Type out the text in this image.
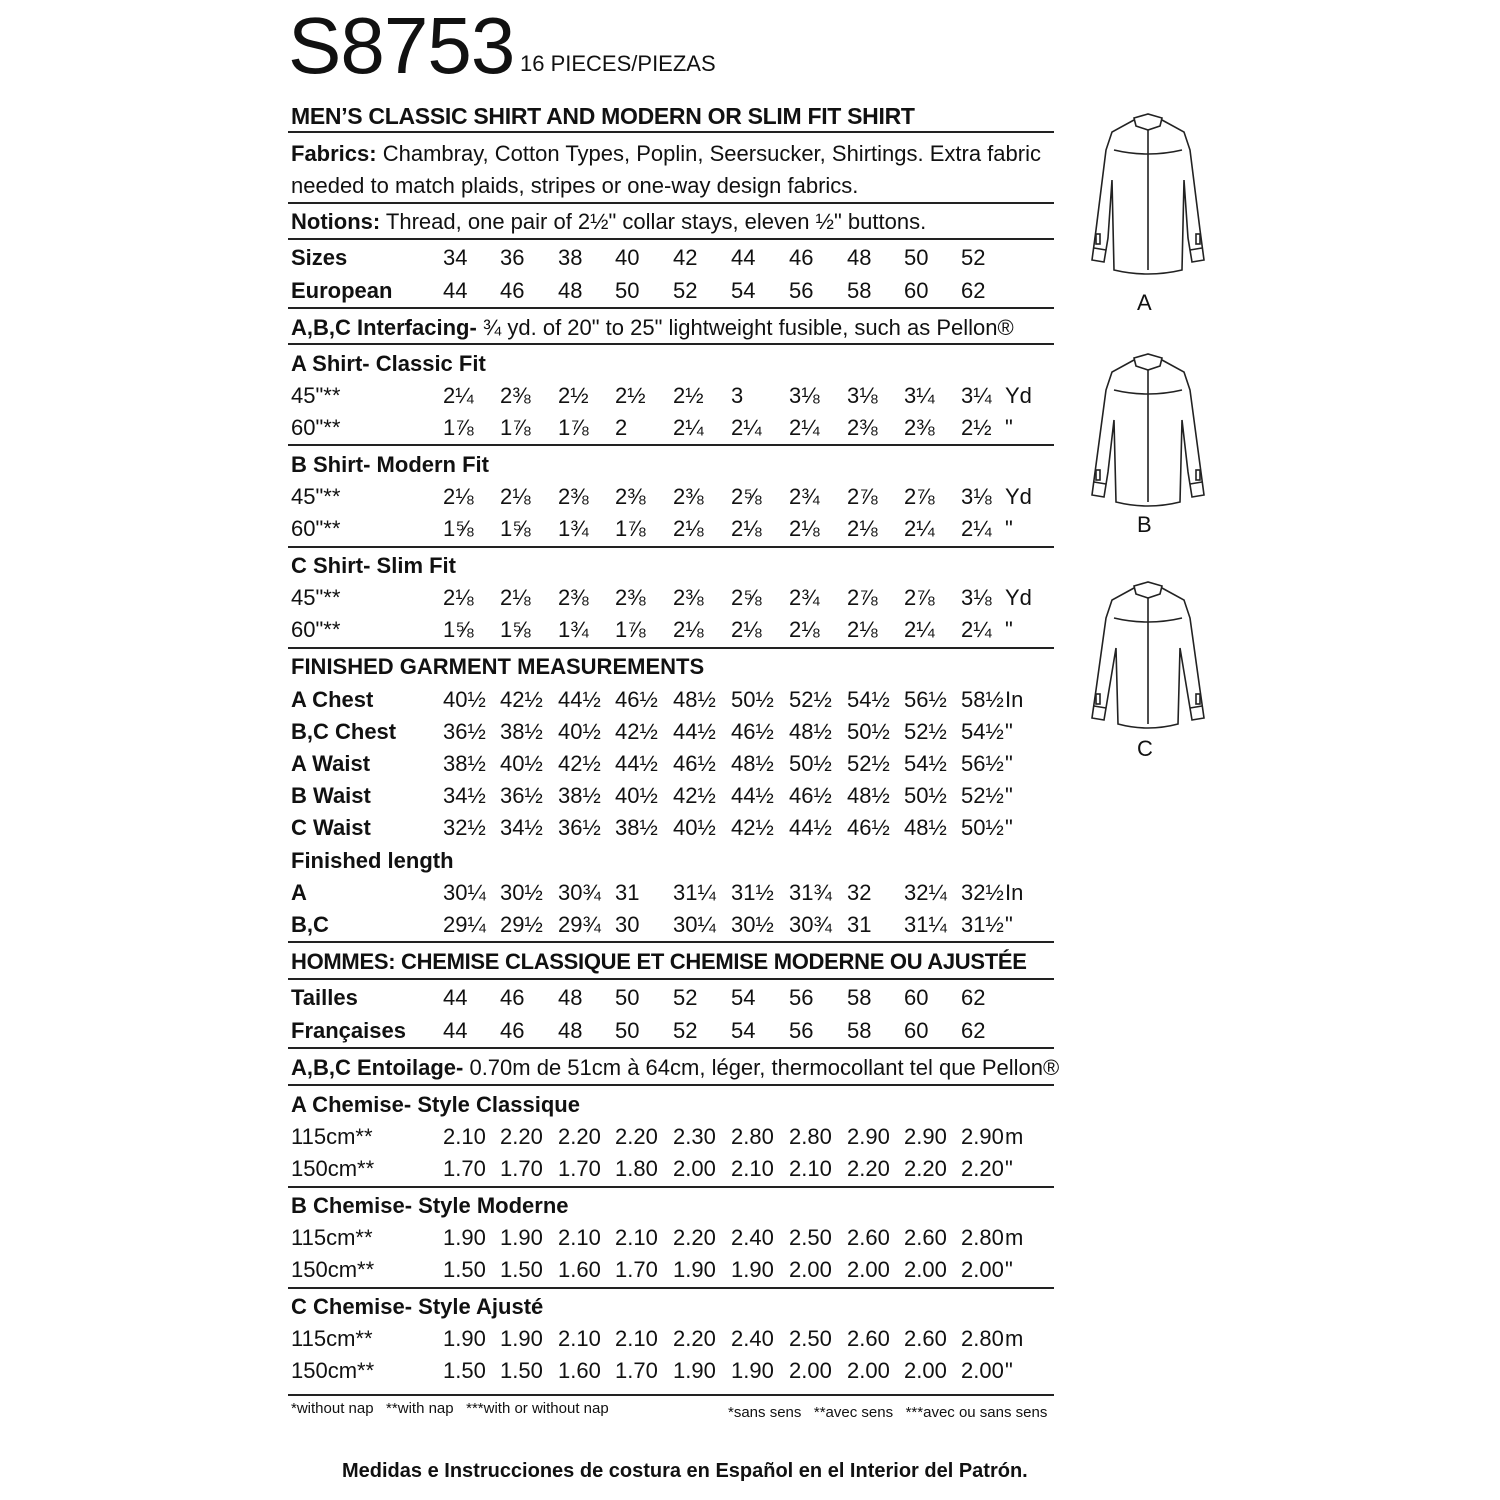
S8753 16 PIECES/PIEZAS
MEN’S CLASSIC SHIRT AND MODERN OR SLIM FIT SHIRT
Fabrics: Chambray, Cotton Types, Poplin, Seersucker, Shirtings. Extra fabric
needed to match plaids, stripes or one-way design fabrics.
Notions: Thread, one pair of 2½" collar stays, eleven ½" buttons.
Sizes	34 36 38 40 42 44 46 48 50 52
European 44 46 48 50 52 54 56 58 60 62
A,B,C Interfacing- ¾ yd. of 20" to 25" lightweight fusible, such as Pellon®
A Shirt- Classic Fit
45"**	2¼ 2⅜ 2½ 2½ 2½ 3 3⅛ 3⅛ 3¼ 3¼ Yd
60"**	1⅞ 1⅞ 1⅞ 2 2¼ 2¼ 2¼ 2⅜ 2⅜ 2½ "
B Shirt- Modern Fit
45"**	2⅛ 2⅛ 2⅜ 2⅜ 2⅜ 2⅝ 2¾ 2⅞ 2⅞ 3⅛ Yd
60"**	1⅝ 1⅝ 1¾ 1⅞ 2⅛ 2⅛ 2⅛ 2⅛ 2¼ 2¼ "
C Shirt- Slim Fit
45"**	2⅛ 2⅛ 2⅜ 2⅜ 2⅜ 2⅝ 2¾ 2⅞ 2⅞ 3⅛ Yd
60"**	1⅝ 1⅝ 1¾ 1⅞ 2⅛ 2⅛ 2⅛ 2⅛ 2¼ 2¼ "
FINISHED GARMENT MEASUREMENTS
A Chest	40½ 42½ 44½ 46½ 48½ 50½ 52½ 54½ 56½ 58½ In
B,C Chest 36½ 38½ 40½ 42½ 44½ 46½ 48½ 50½ 52½ 54½ "
A Waist	38½ 40½ 42½ 44½ 46½ 48½ 50½ 52½ 54½ 56½ "
B Waist	34½ 36½ 38½ 40½ 42½ 44½ 46½ 48½ 50½ 52½ "
C Waist	32½ 34½ 36½ 38½ 40½ 42½ 44½ 46½ 48½ 50½ "
Finished length
A	30¼ 30½ 30¾ 31 31¼ 31½ 31¾ 32 32¼ 32½ In
B,C	29¼ 29½ 29¾ 30 30¼ 30½ 30¾ 31 31¼ 31½ "
HOMMES: CHEMISE CLASSIQUE ET CHEMISE MODERNE OU AJUSTÉE
Tailles	44 46 48 50 52 54 56 58 60 62
Françaises 44 46 48 50 52 54 56 58 60 62
A,B,C Entoilage- 0.70m de 51cm à 64cm, léger, thermocollant tel que Pellon®
A Chemise- Style Classique
115cm**	2.10 2.20 2.20 2.20 2.30 2.80 2.80 2.90 2.90 2.90 m
150cm**	1.70 1.70 1.70 1.80 2.00 2.10 2.10 2.20 2.20 2.20 "
B Chemise- Style Moderne
115cm**	1.90 1.90 2.10 2.10 2.20 2.40 2.50 2.60 2.60 2.80 m
150cm**	1.50 1.50 1.60 1.70 1.90 1.90 2.00 2.00 2.00 2.00 "
C Chemise- Style Ajusté
115cm**	1.90 1.90 2.10 2.10 2.20 2.40 2.50 2.60 2.60 2.80 m
150cm**	1.50 1.50 1.60 1.70 1.90 1.90 2.00 2.00 2.00 2.00 "
*without nap   **with nap   ***with or without nap	*sans sens   **avec sens   ***avec ou sans sens
Medidas e Instrucciones de costura en Español en el Interior del Patrón.
A
B
C
